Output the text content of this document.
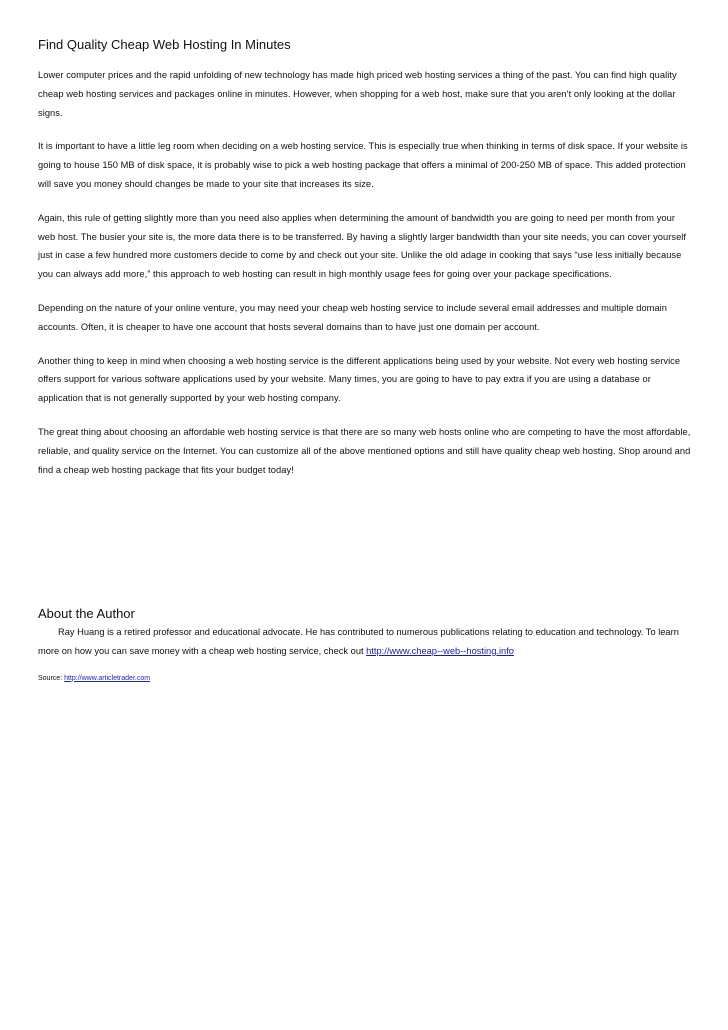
Find Quality Cheap Web Hosting In Minutes

Lower computer prices and the rapid unfolding of new technology has made high priced web hosting services a thing of the past. You can find high quality cheap web hosting services and packages online in minutes. However, when shopping for a web host, make sure that you aren’t only looking at the dollar signs.

It is important to have a little leg room when deciding on a web hosting service. This is especially true when thinking in terms of disk space. If your website is going to house 150 MB of disk space, it is probably wise to pick a web hosting package that offers a minimal of 200-250 MB of space. This added protection will save you money should changes be made to your site that increases its size.

Again, this rule of getting slightly more than you need also applies when determining the amount of bandwidth you are going to need per month from your web host. The busier your site is, the more data there is to be transferred. By having a slightly larger bandwidth than your site needs, you can cover yourself just in case a few hundred more customers decide to come by and check out your site. Unlike the old adage in cooking that says “use less initially because you can always add more,” this approach to web hosting can result in high monthly usage fees for going over your package specifications.

Depending on the nature of your online venture, you may need your cheap web hosting service to include several email addresses and multiple domain accounts. Often, it is cheaper to have one account that hosts several domains than to have just one domain per account.

Another thing to keep in mind when choosing a web hosting service is the different applications being used by your website. Not every web hosting service offers support for various software applications used by your website. Many times, you are going to have to pay extra if you are using a database or application that is not generally supported by your web hosting company.

The great thing about choosing an affordable web hosting service is that there are so many web hosts online who are competing to have the most affordable, reliable, and quality service on the Internet. You can customize all of the above mentioned options and still have quality cheap web hosting. Shop around and find a cheap web hosting package that fits your budget today!

About the Author

Ray Huang is a retired professor and educational advocate. He has contributed to numerous publications relating to education and technology. To learn more on how you can save money with a cheap web hosting service, check out http://www.cheap--web--hosting.info

Source: http://www.articletrader.com
